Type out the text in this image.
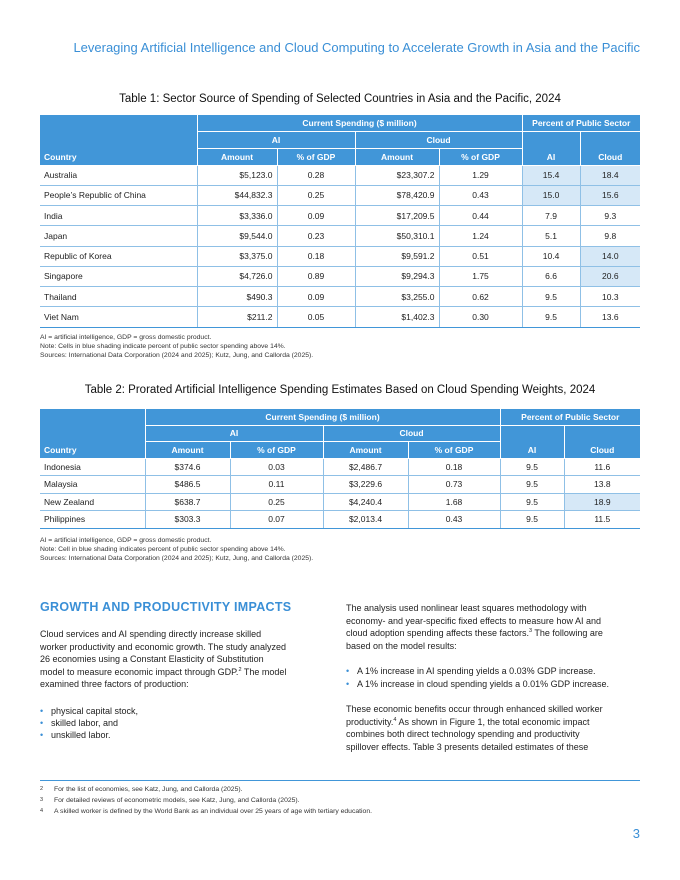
Leveraging Artificial Intelligence and Cloud Computing to Accelerate Growth in Asia and the Pacific
Table 1: Sector Source of Spending of Selected Countries in Asia and the Pacific, 2024
Country	Current Spending ($ million)				Percent of Public Sector	
	AI		Cloud		AI	Cloud
	Amount	% of GDP	Amount	% of GDP		
Australia	$5,123.0	0.28	$23,307.2	1.29	15.4	18.4
People’s Republic of China	$44,832.3	0.25	$78,420.9	0.43	15.0	15.6
India	$3,336.0	0.09	$17,209.5	0.44	7.9	9.3
Japan	$9,544.0	0.23	$50,310.1	1.24	5.1	9.8
Republic of Korea	$3,375.0	0.18	$9,591.2	0.51	10.4	14.0
Singapore	$4,726.0	0.89	$9,294.3	1.75	6.6	20.6
Thailand	$490.3	0.09	$3,255.0	0.62	9.5	10.3
Viet Nam	$211.2	0.05	$1,402.3	0.30	9.5	13.6
AI = artificial intelligence, GDP = gross domestic product.
Note: Cells in blue shading indicate percent of public sector spending above 14%.
Sources: International Data Corporation (2024 and 2025); Kutz, Jung, and Callorda (2025).
Table 2: Prorated Artificial Intelligence Spending Estimates Based on Cloud Spending Weights, 2024
Country	Current Spending ($ million)				Percent of Public Sector	
	AI		Cloud		AI	Cloud
	Amount	% of GDP	Amount	% of GDP		
Indonesia	$374.6	0.03	$2,486.7	0.18	9.5	11.6
Malaysia	$486.5	0.11	$3,229.6	0.73	9.5	13.8
New Zealand	$638.7	0.25	$4,240.4	1.68	9.5	18.9
Philippines	$303.3	0.07	$2,013.4	0.43	9.5	11.5
AI = artificial intelligence, GDP = gross domestic product.
Note: Cell in blue shading indicates percent of public sector spending above 14%.
Sources: International Data Corporation (2024 and 2025); Kutz, Jung, and Callorda (2025).
GROWTH AND PRODUCTIVITY IMPACTS
Cloud services and AI spending directly increase skilled
worker productivity and economic growth. The study analyzed
26 economies using a Constant Elasticity of Substitution
model to measure economic impact through GDP.$^2$ The model
examined three factors of production:
• physical capital stock,
• skilled labor, and
• unskilled labor.
The analysis used nonlinear least squares methodology with
economy- and year-specific fixed effects to measure how AI and
cloud adoption spending affects these factors.$^3$ The following are
based on the model results:
• A 1% increase in AI spending yields a 0.03% GDP increase.
• A 1% increase in cloud spending yields a 0.01% GDP increase.
These economic benefits occur through enhanced skilled worker
productivity.$^4$ As shown in Figure 1, the total economic impact
combines both direct technology spending and productivity
spillover effects. Table 3 presents detailed estimates of these
2 For the list of economies, see Katz, Jung, and Callorda (2025).
3 For detailed reviews of econometric models, see Katz, Jung, and Callorda (2025).
4 A skilled worker is defined by the World Bank as an individual over 25 years of age with tertiary education.
3
